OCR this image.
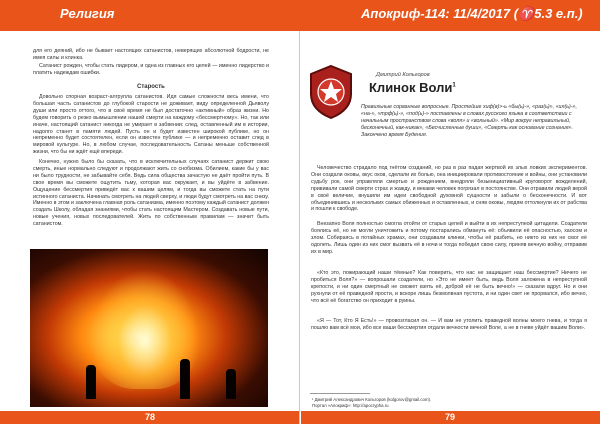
Религия	Апокриф-114: 11/4/2017 (♈​5.3 е.п.)

для его деяний, ибо не бывает настоящих сатанистов, неверящих абсолютной бодрости, не имея силы и клинка.

Сатанист рожден, чтобы стать лидером, и одна из главных его целей — именно лидерство и платить надеждам ошибки.

Старость

Довольно спорная возраст-алгрупла сатанистов. Идя самые сложности весь имени, что большая часть сатанистов до глубокой старости не доживает, виду определенной Дьяволу души или просто оттого, что в своё время не был достаточно «активный» образ жизни. Но будем говорить о резко вымышлении нашей смерти на каждому «бессмертному». Но, так или иначе, настоящий сатанист никогда не умирает в забвении: след, оставленный им в истории, надолго станет в памяти людей. Пусть он и будет известен широкой публике, но он непременно будет состоятелен, если он известен публике — и непременно оставит след в мировой культуре. Но, в любом случае, последовательность Сатаны меньше собственной жизни, что бы ни ждёт ещё впереди.

Конечно, нужно было бы сказать, что в исключительных случаях сатанист держит свою смерть, иные нормально следуют и продолжают жить со снобизма. Обилием, какие бы у вас ни было трудности, не забывайте себя. Ведь сила общества зачастую не даёт пройти путь. В свое время вы сможете ощутить тьму, которая вас окружает, и вы уйдёте в забвение. Ощущение бессмертия приведёт вас к вашим целям, и тогда вы сможете стать на пути истинного сатаниста. Начинать смотреть на людей сверху, и люди будут смотреть на вас снизу. Именно в этом и заключена главная роль сатанизма, именно поэтому каждый сатанист должен создать Школу, обладая знаниями, чтобы стать настоящим Мастером. Создавать новые пути, новые учения, новых последователей. Жить по собственным правилам — значит быть сатанистом.

Дмитрий Кольгоров
Клинок Воли$^1$

Правильные сорванные вопросные. Простейше хиф(в)>-ь «бы(ь)-», «раз(ь)», «ил(ь)-», «на-», «трф(ь)-», «под(ь)-» поставлены в словах русского языка в соответствии с начальным пространством слова «воля» и «вольный». «Мир вокруг неправильный, бесконечный, как-никак», «Бесчисленные души», «Смерть как основание сознания». Закончено время Будения.

Человечество страдало под гнётом созданий, но раз в раз падая жертвой их злых ловких экспериментов. Они создали оковы, вкус оков, сделали их болью, она инициировали противостояние и войны, они установили судьбу рок, они управляли смертью и рождением, внедряли безынициативный круговорот вожделений, прививали самой смерти страх и жажду, и веками человек погрязал в постоянстве. Они отравили людей верой в своё величие, внушили им идеи свободной духовной сущности и забыли о бесконечности. И вот объединившись и нескольких самых обиженных и оставленных, и сняв оковы, людям оттолкнули их от рабства и пошли к свободе.

Внезапно Воля полностью смогла отойти от старых цепей и выйти в их непреступной цитадели. Создатели боялись её, но не могли уничтожить и потому постарались обмануть её: объявили её опасностью, хаосом и злом. Собираясь в потайных храмах, они создавали клинки, чтобы её разбить, но никто из них не смог её одолеть. Лишь один из них смог вызвать её в ночи и тогда победил свою силу, приняв вечную войну, отправив их в мир.

«Кто это, пожирающий наши тёмные? Как поверить, что нас не защищает наш бессмертие? Ничего не пробиться Воля?» — вопрошали создатели, но «Это не имеет быть, ведь Воля заложена в непреступной крепости, и ни один смертный не сможет взять её, доброй её не быть вечно!» — сказали вдруг. Но и они рухнули от её праведной ярости, и вскоре лишь безмолвная пустота, и ни один свет не прорвался, ибо вечно, что всё её богатство он приходит в руины.

«Я — Тот, Кто Я Есть!» — провозгласил он. — И вам не утолить праведной волны моего гнева, и тогда я пошлю вам всё мои, ибо все ваши бессмертия отдали вечности вечной Воле, а не в гневе уйдёт вашим Воли».

¹ Дмитрий Александрович Кольгоров (kolgorov@gmail.com).
Портал «Апокриф»: http://apocrypha.ru
78	79
